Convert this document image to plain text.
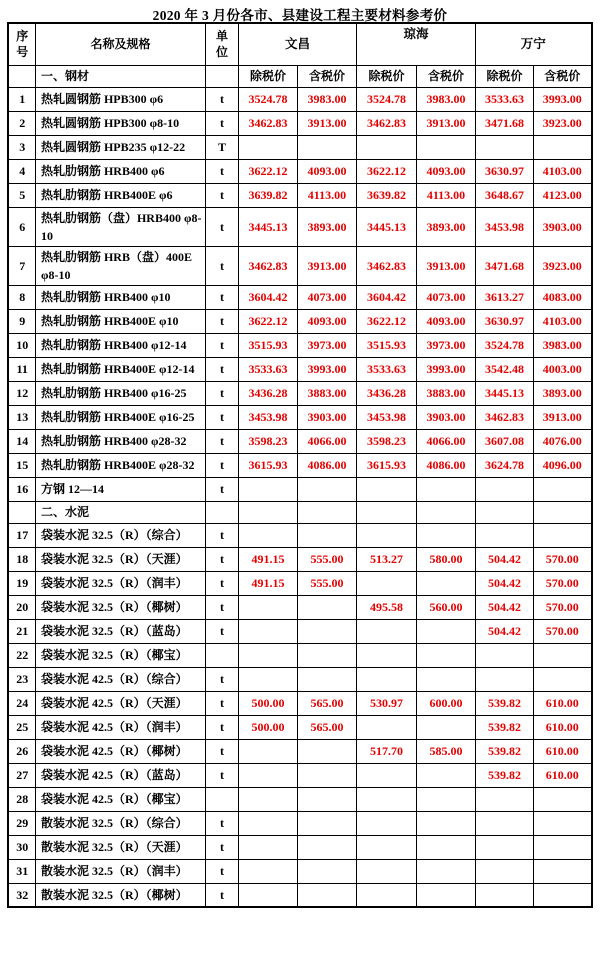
2020 年 3 月份各市、县建设工程主要材料参考价
序号	名称及规格	单位	文昌		琼海		万宁	
	一、钢材		除税价	含税价	除税价	含税价	除税价	含税价
1	热轧圆钢筋 HPB300 φ6	t	3524.78	3983.00	3524.78	3983.00	3533.63	3993.00
2	热轧圆钢筋 HPB300 φ8-10	t	3462.83	3913.00	3462.83	3913.00	3471.68	3923.00
3	热轧圆钢筋 HPB235 φ12-22	T						
4	热轧肋钢筋 HRB400 φ6	t	3622.12	4093.00	3622.12	4093.00	3630.97	4103.00
5	热轧肋钢筋 HRB400E φ6	t	3639.82	4113.00	3639.82	4113.00	3648.67	4123.00
6	热轧肋钢筋（盘）HRB400 φ8-10	t	3445.13	3893.00	3445.13	3893.00	3453.98	3903.00
7	热轧肋钢筋 HRB（盘）400E φ8-10	t	3462.83	3913.00	3462.83	3913.00	3471.68	3923.00
8	热轧肋钢筋 HRB400 φ10	t	3604.42	4073.00	3604.42	4073.00	3613.27	4083.00
9	热轧肋钢筋 HRB400E φ10	t	3622.12	4093.00	3622.12	4093.00	3630.97	4103.00
10	热轧肋钢筋 HRB400 φ12-14	t	3515.93	3973.00	3515.93	3973.00	3524.78	3983.00
11	热轧肋钢筋 HRB400E φ12-14	t	3533.63	3993.00	3533.63	3993.00	3542.48	4003.00
12	热轧肋钢筋 HRB400 φ16-25	t	3436.28	3883.00	3436.28	3883.00	3445.13	3893.00
13	热轧肋钢筋 HRB400E φ16-25	t	3453.98	3903.00	3453.98	3903.00	3462.83	3913.00
14	热轧肋钢筋 HRB400 φ28-32	t	3598.23	4066.00	3598.23	4066.00	3607.08	4076.00
15	热轧肋钢筋 HRB400E φ28-32	t	3615.93	4086.00	3615.93	4086.00	3624.78	4096.00
16	方钢 12—14	t						
	二、水泥							
17	袋装水泥 32.5（R）（综合）	t						
18	袋装水泥 32.5（R）（天涯）	t	491.15	555.00	513.27	580.00	504.42	570.00
19	袋装水泥 32.5（R）（润丰）	t	491.15	555.00			504.42	570.00
20	袋装水泥 32.5（R）（椰树）	t			495.58	560.00	504.42	570.00
21	袋装水泥 32.5（R）（蓝岛）	t					504.42	570.00
22	袋装水泥 32.5（R）（椰宝）							
23	袋装水泥 42.5（R）（综合）	t						
24	袋装水泥 42.5（R）（天涯）	t	500.00	565.00	530.97	600.00	539.82	610.00
25	袋装水泥 42.5（R）（润丰）	t	500.00	565.00			539.82	610.00
26	袋装水泥 42.5（R）（椰树）	t			517.70	585.00	539.82	610.00
27	袋装水泥 42.5（R）（蓝岛）	t					539.82	610.00
28	袋装水泥 42.5（R）（椰宝）							
29	散装水泥 32.5（R）（综合）	t						
30	散装水泥 32.5（R）（天涯）	t						
31	散装水泥 32.5（R）（润丰）	t						
32	散装水泥 32.5（R）（椰树）	t						
